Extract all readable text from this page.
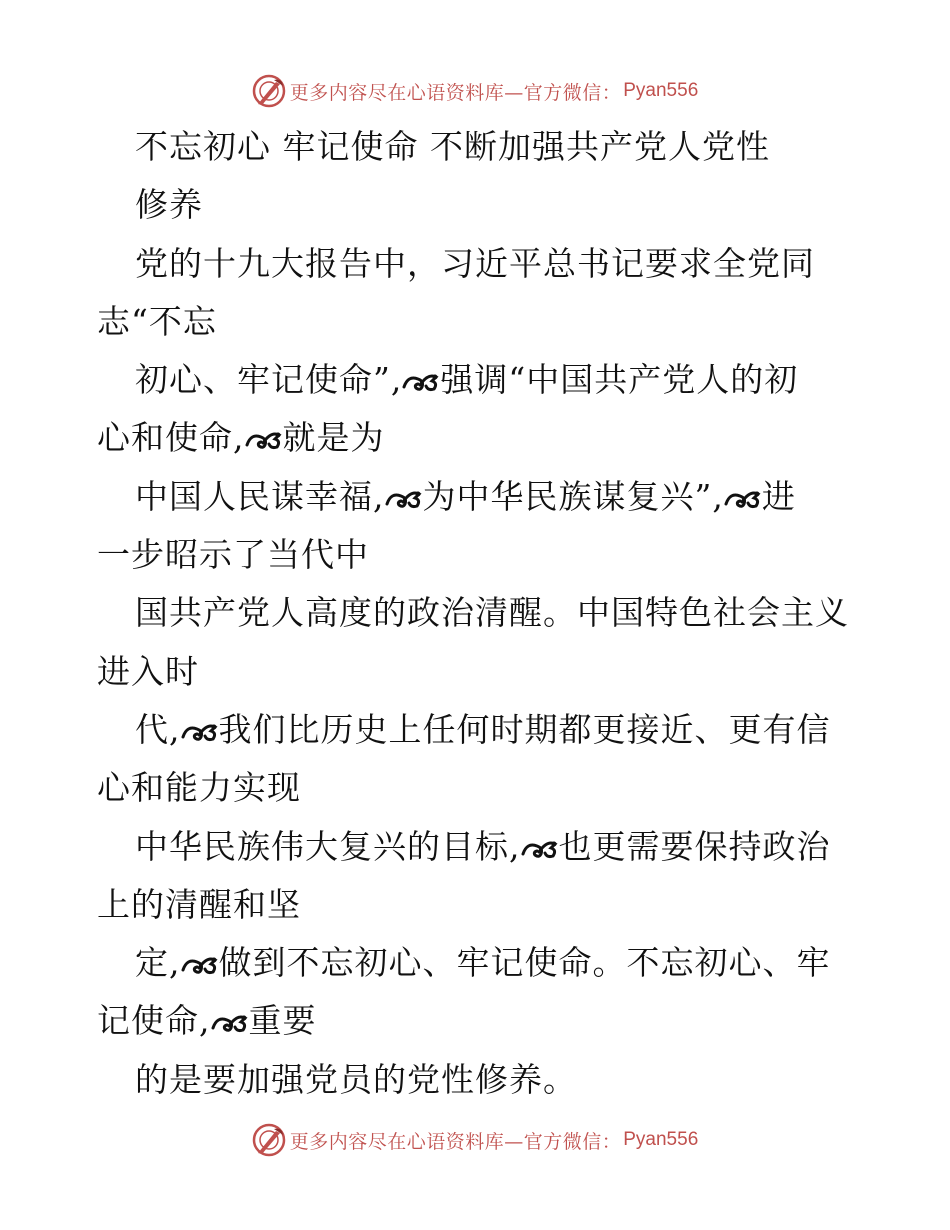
更多内容尽在心语资料库—官方微信： Pyan556
不忘初心 牢记使命 不断加强共产党人党性
修养
党的十九大报告中，习近平总书记要求全党同
志“不忘
初心、牢记使命”, 强调“中国共产党人的初
心和使命, 就是为
中国人民谋幸福, 为中华民族谋复兴”, 进
一步昭示了当代中
国共产党人高度的政治清醒。中国特色社会主义
进入时
代, 我们比历史上任何时期都更接近、更有信
心和能力实现
中华民族伟大复兴的目标, 也更需要保持政治
上的清醒和坚
定, 做到不忘初心、牢记使命。不忘初心、牢
记使命, 重要
的是要加强党员的党性修养。
更多内容尽在心语资料库—官方微信： Pyan556
